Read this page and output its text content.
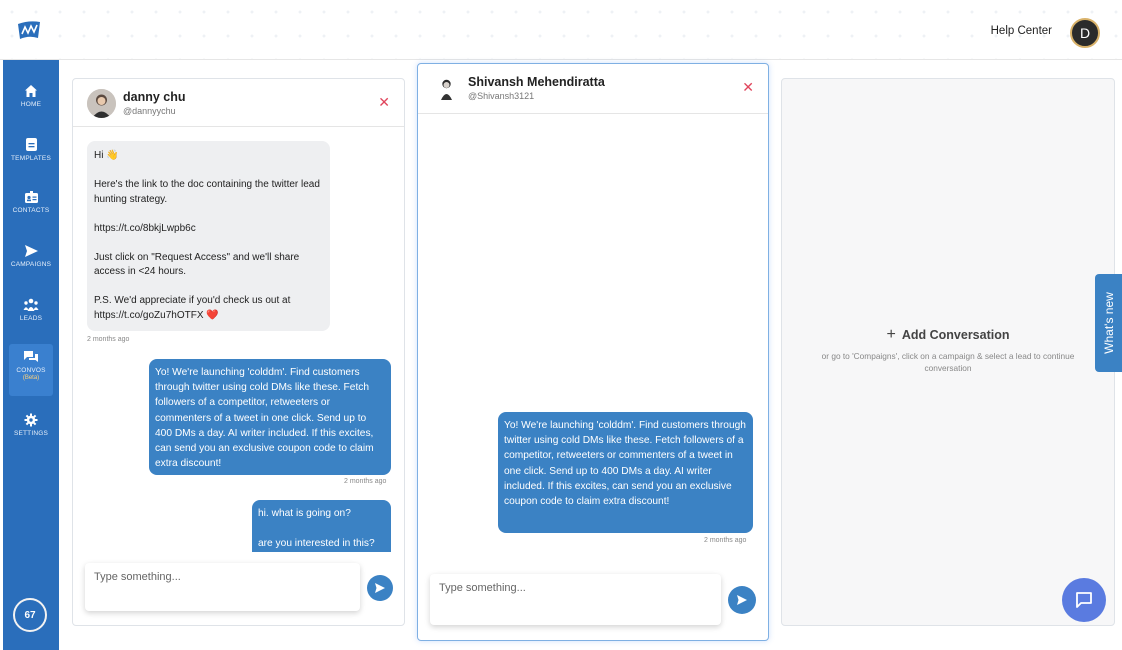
Help Center	D
HOME
TEMPLATES
CONTACTS
CAMPAIGNS
LEADS
CONVOS
(Beta)
SETTINGS
67
danny chu
@dannyychu
✕
Hi 👋

Here's the link to the doc containing the twitter lead hunting strategy.

https://t.co/8bkjLwpb6c

Just click on "Request Access" and we'll share access in <24 hours.

P.S. We'd appreciate if you'd check us out at https://t.co/goZu7hOTFX ❤️
2 months ago
Yo! We're launching 'colddm'. Find customers through twitter using cold DMs like these. Fetch followers of a competitor, retweeters or commenters of a tweet in one click. Send up to 400 DMs a day. AI writer included. If this excites, can send you an exclusive coupon code to claim extra discount!
2 months ago
hi. what is going on?

are you interested in this?
Type something...
Shivansh Mehendiratta
@Shivansh3121
✕
Yo! We're launching 'colddm'. Find customers through twitter using cold DMs like these. Fetch followers of a competitor, retweeters or commenters of a tweet in one click. Send up to 400 DMs a day. AI writer included. If this excites, can send you an exclusive coupon code to claim extra discount!
2 months ago
Type something...
+ Add Conversation
or go to 'Compaigns', click on a campaign & select a lead to continue conversation
What's new
